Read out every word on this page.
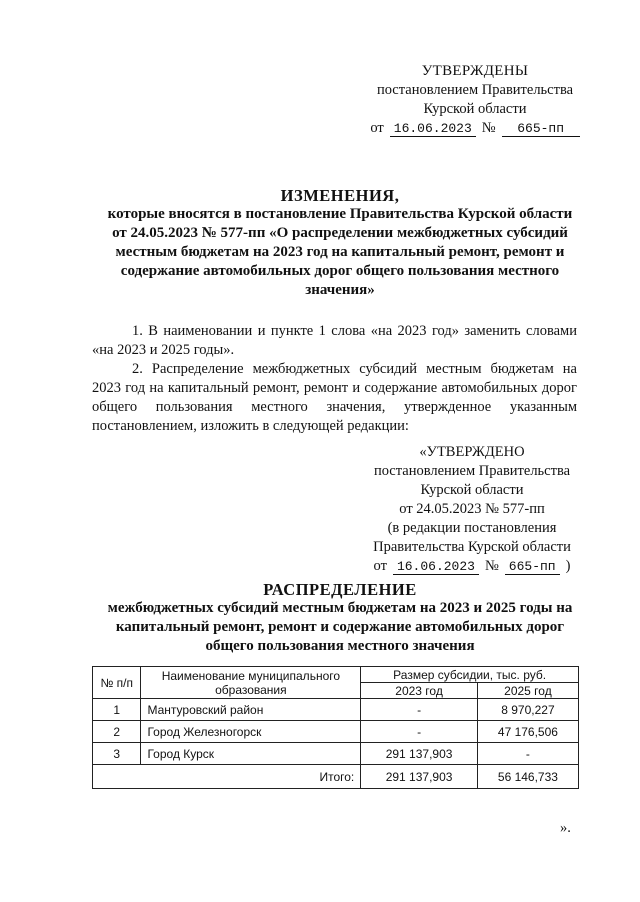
УТВЕРЖДЕНЫ
постановлением Правительства
Курской области
от 16.06.2023 №	665-пп
ИЗМЕНЕНИЯ,
которые вносятся в постановление Правительства Курской области от 24.05.2023 № 577-пп «О распределении межбюджетных субсидий местным бюджетам на 2023 год на капитальный ремонт, ремонт и содержание автомобильных дорог общего пользования местного значения»

1. В наименовании и пункте 1 слова «на 2023 год» заменить словами «на 2023 и 2025 годы».

2. Распределение межбюджетных субсидий местным бюджетам на 2023 год на капитальный ремонт, ремонт и содержание автомобильных дорог общего пользования местного значения, утвержденное указанным постановлением, изложить в следующей редакции:

«УТВЕРЖДЕНО
постановлением Правительства
Курской области
от 24.05.2023 № 577-пп
(в редакции постановления
Правительства Курской области
от 16.06.2023 № 665-пп )
РАСПРЕДЕЛЕНИЕ
межбюджетных субсидий местным бюджетам на 2023 и 2025 годы на капитальный ремонт, ремонт и содержание автомобильных дорог общего пользования местного значения
№ п/п	Наименование муниципального образования	Размер субсидии, тыс. руб.	
		2023 год	2025 год
1	Мантуровский район	-	8 970,227
2	Город Железногорск	-	47 176,506
3	Город Курск	291 137,903	-
Итого:		291 137,903	56 146,733
».
